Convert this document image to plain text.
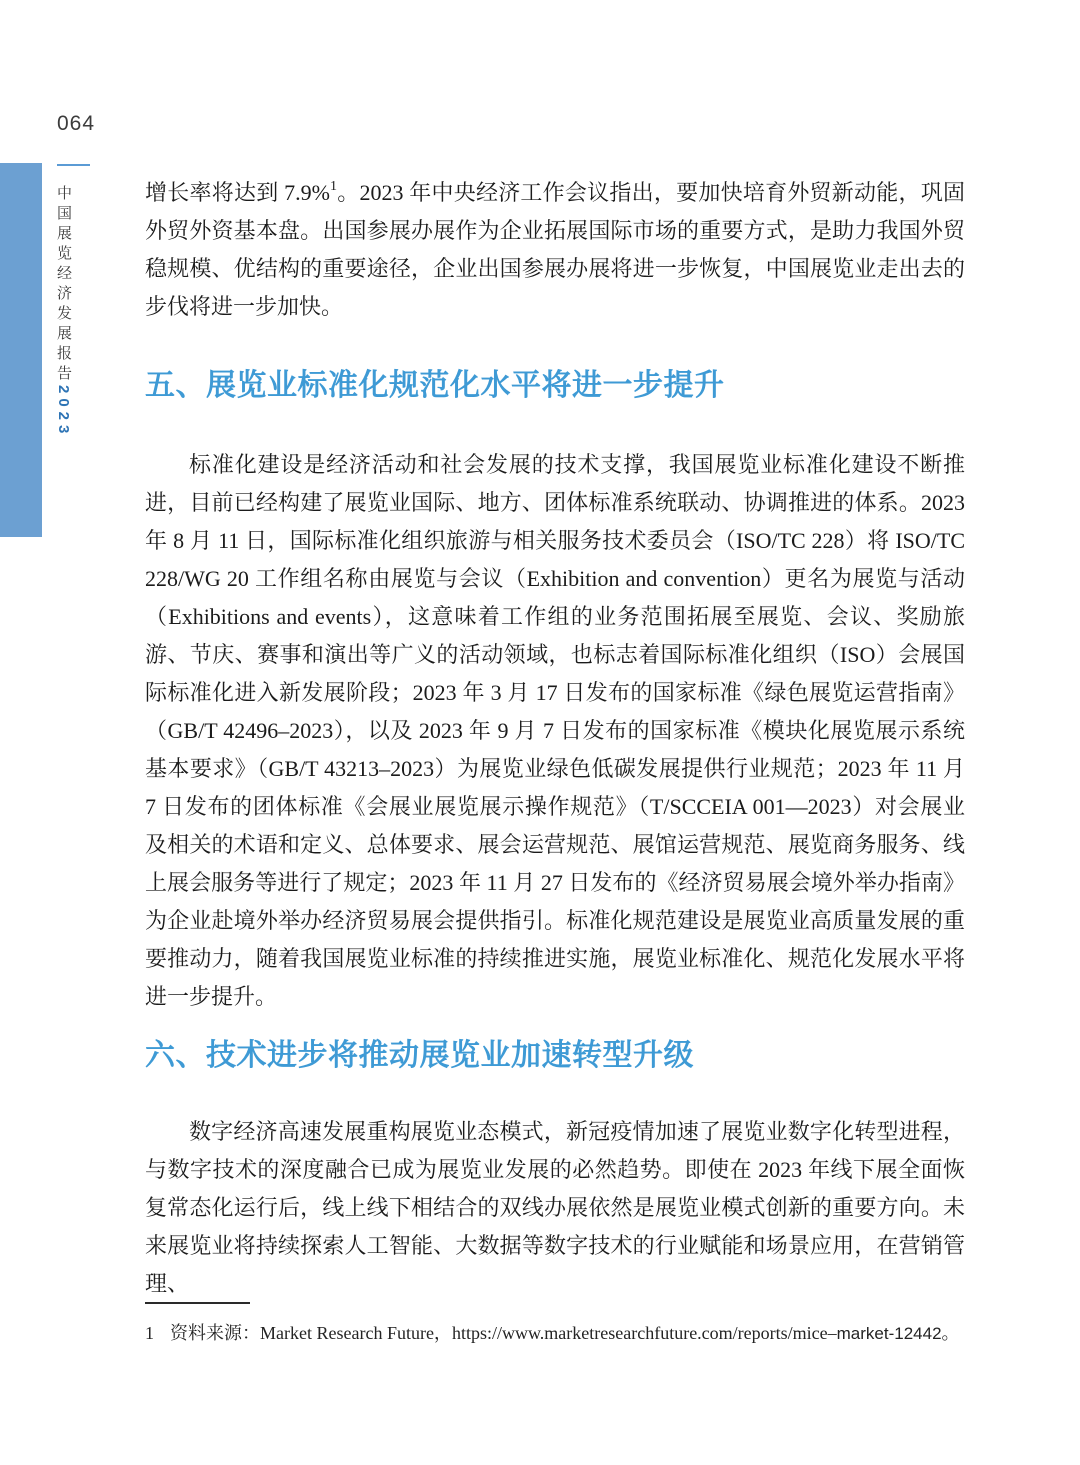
064
中国展览经济发展报告2023
增长率将达到 7.9%$^1$。2023 年中央经济工作会议指出，要加快培育外贸新动能，巩固外贸外资基本盘。出国参展办展作为企业拓展国际市场的重要方式，是助力我国外贸稳规模、优结构的重要途径，企业出国参展办展将进一步恢复，中国展览业走出去的步伐将进一步加快。
五、展览业标准化规范化水平将进一步提升
标准化建设是经济活动和社会发展的技术支撑，我国展览业标准化建设不断推进，目前已经构建了展览业国际、地方、团体标准系统联动、协调推进的体系。2023 年 8 月 11 日，国际标准化组织旅游与相关服务技术委员会（ISO/TC 228）将 ISO/TC 228/WG 20 工作组名称由展览与会议（Exhibition and convention）更名为展览与活动（Exhibitions and events），这意味着工作组的业务范围拓展至展览、会议、奖励旅游、节庆、赛事和演出等广义的活动领域，也标志着国际标准化组织（ISO）会展国际标准化进入新发展阶段；2023 年 3 月 17 日发布的国家标准《绿色展览运营指南》（GB/T 42496–2023），以及 2023 年 9 月 7 日发布的国家标准《模块化展览展示系统基本要求》（GB/T 43213–2023）为展览业绿色低碳发展提供行业规范；2023 年 11 月 7 日发布的团体标准《会展业展览展示操作规范》（T/SCCEIA 001—2023）对会展业及相关的术语和定义、总体要求、展会运营规范、展馆运营规范、展览商务服务、线上展会服务等进行了规定；2023 年 11 月 27 日发布的《经济贸易展会境外举办指南》为企业赴境外举办经济贸易展会提供指引。标准化规范建设是展览业高质量发展的重要推动力，随着我国展览业标准的持续推进实施，展览业标准化、规范化发展水平将进一步提升。
六、技术进步将推动展览业加速转型升级
数字经济高速发展重构展览业态模式，新冠疫情加速了展览业数字化转型进程，与数字技术的深度融合已成为展览业发展的必然趋势。即使在 2023 年线下展全面恢复常态化运行后，线上线下相结合的双线办展依然是展览业模式创新的重要方向。未来展览业将持续探索人工智能、大数据等数字技术的行业赋能和场景应用，在营销管理、
1 资料来源：Market Research Future，https://www.marketresearchfuture.com/reports/mice–market-12442。
